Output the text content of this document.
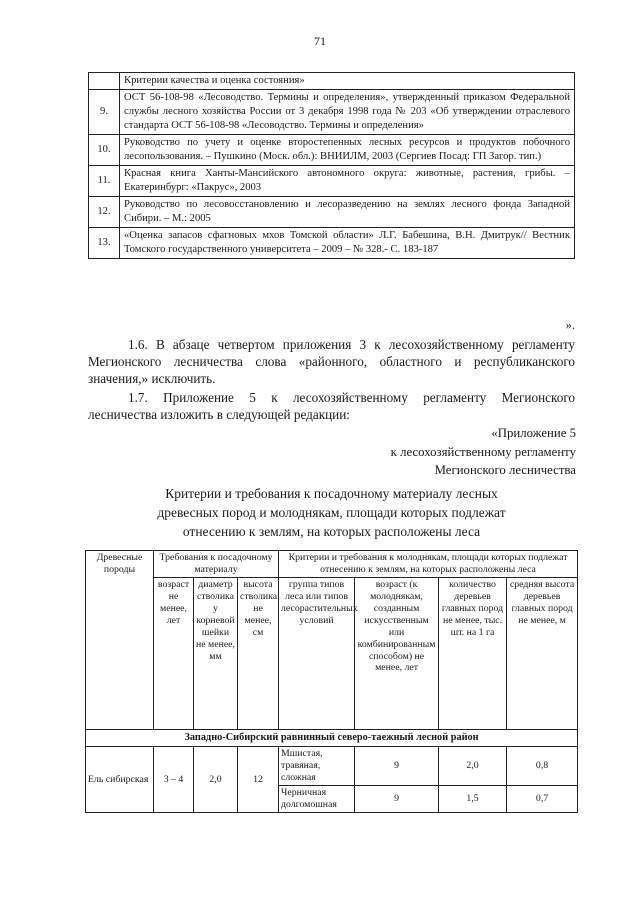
71
	Критерии качества и оценка состояния»
9.	ОСТ 56-108-98 «Лесоводство. Термины и определения», утвержденный приказом Федеральной службы лесного хозяйства России от 3 декабря 1998 года № 203 «Об утверждении отраслевого стандарта ОСТ 56-108-98 «Лесоводство. Термины и определения»
10.	Руководство по учету и оценке второстепенных лесных ресурсов и продуктов побочного лесопользования. – Пушкино (Моск. обл.): ВНИИЛМ, 2003 (Сергиев Посад: ГП Загор. тип.)
11.	Красная книга Ханты-Мансийского автономного округа: животные, растения, грибы. – Екатеринбург: «Пакрус», 2003
12.	Руководство по лесовосстановлению и лесоразведению на землях лесного фонда Западной Сибири. – М.: 2005
13.	«Оценка запасов сфагновых мхов Томской области» Л.Г. Бабешина, В.Н. Дмитрук// Вестник Томского государственного университета – 2009 – № 328.- С. 183-187
».
1.6. В абзаце четвертом приложения 3 к лесохозяйственному регламенту Мегионского лесничества слова «районного, областного и республиканского значения,» исключить.
1.7. Приложение 5 к лесохозяйственному регламенту Мегионского лесничества изложить в следующей редакции:
«Приложение 5
к лесохозяйственному регламенту
Мегионского лесничества
Критерии и требования к посадочному материалу лесных
древесных пород и молоднякам, площади которых подлежат
отнесению к землям, на которых расположены леса
Древесные породы	Требования к посадочному материалу			Критерии и требования к молоднякам, площади которых подлежат отнесению к землям, на которых расположены леса			
	возраст не менее, лет	диаметр стволика у корневой шейки не менее, мм	высота стволика не менее, см	группа типов леса или типов лесорастительных условий	возраст (к молоднякам, созданным искусственным или комбинированным способом) не менее, лет	количество деревьев главных пород не менее, тыс. шт. на 1 га	средняя высота деревьев главных пород не менее, м
Западно-Сибирский равнинный северо-таежный лесной район							
Ель сибирская	3 – 4	2,0	12	Мшистая, травяная, сложная	9	2,0	0,8
				Черничная долгомошная	9	1,5	0,7
